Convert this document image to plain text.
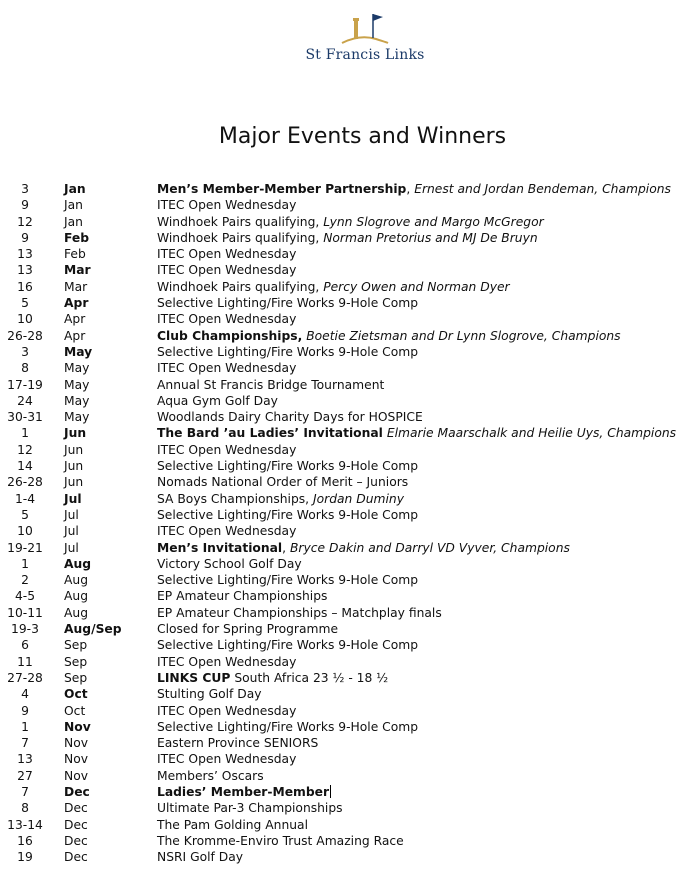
St Francis Links
Major Events and Winners
3	Jan	Men’s Member-Member Partnership, Ernest and Jordan Bendeman, Champions
9	Jan	ITEC Open Wednesday
12	Jan	Windhoek Pairs qualifying, Lynn Slogrove and Margo McGregor
9	Feb	Windhoek Pairs qualifying, Norman Pretorius and MJ De Bruyn
13	Feb	ITEC Open Wednesday
13	Mar	ITEC Open Wednesday
16	Mar	Windhoek Pairs qualifying, Percy Owen and Norman Dyer
5	Apr	Selective Lighting/Fire Works 9-Hole Comp
10	Apr	ITEC Open Wednesday
26-28	Apr	Club Championships, Boetie Zietsman and Dr Lynn Slogrove, Champions
3	May	Selective Lighting/Fire Works 9-Hole Comp
8	May	ITEC Open Wednesday
17-19	May	Annual St Francis Bridge Tournament
24	May	Aqua Gym Golf Day
30-31	May	Woodlands Dairy Charity Days for HOSPICE
1	Jun	The Bard ’au Ladies’ Invitational Elmarie Maarschalk and Heilie Uys, Champions
12	Jun	ITEC Open Wednesday
14	Jun	Selective Lighting/Fire Works 9-Hole Comp
26-28	Jun	Nomads National Order of Merit – Juniors
1-4	Jul	SA Boys Championships, Jordan Duminy
5	Jul	Selective Lighting/Fire Works 9-Hole Comp
10	Jul	ITEC Open Wednesday
19-21	Jul	Men’s Invitational, Bryce Dakin and Darryl VD Vyver, Champions
1	Aug	Victory School Golf Day
2	Aug	Selective Lighting/Fire Works 9-Hole Comp
4-5	Aug	EP Amateur Championships
10-11	Aug	EP Amateur Championships – Matchplay finals
19-3	Aug/Sep	Closed for Spring Programme
6	Sep	Selective Lighting/Fire Works 9-Hole Comp
11	Sep	ITEC Open Wednesday
27-28	Sep	LINKS CUP South Africa 23 ½ - 18 ½
4	Oct	Stulting Golf Day
9	Oct	ITEC Open Wednesday
1	Nov	Selective Lighting/Fire Works 9-Hole Comp
7	Nov	Eastern Province SENIORS
13	Nov	ITEC Open Wednesday
27	Nov	Members’ Oscars
7	Dec	Ladies’ Member-Member
8	Dec	Ultimate Par-3 Championships
13-14	Dec	The Pam Golding Annual
16	Dec	The Kromme-Enviro Trust Amazing Race
19	Dec	NSRI Golf Day
